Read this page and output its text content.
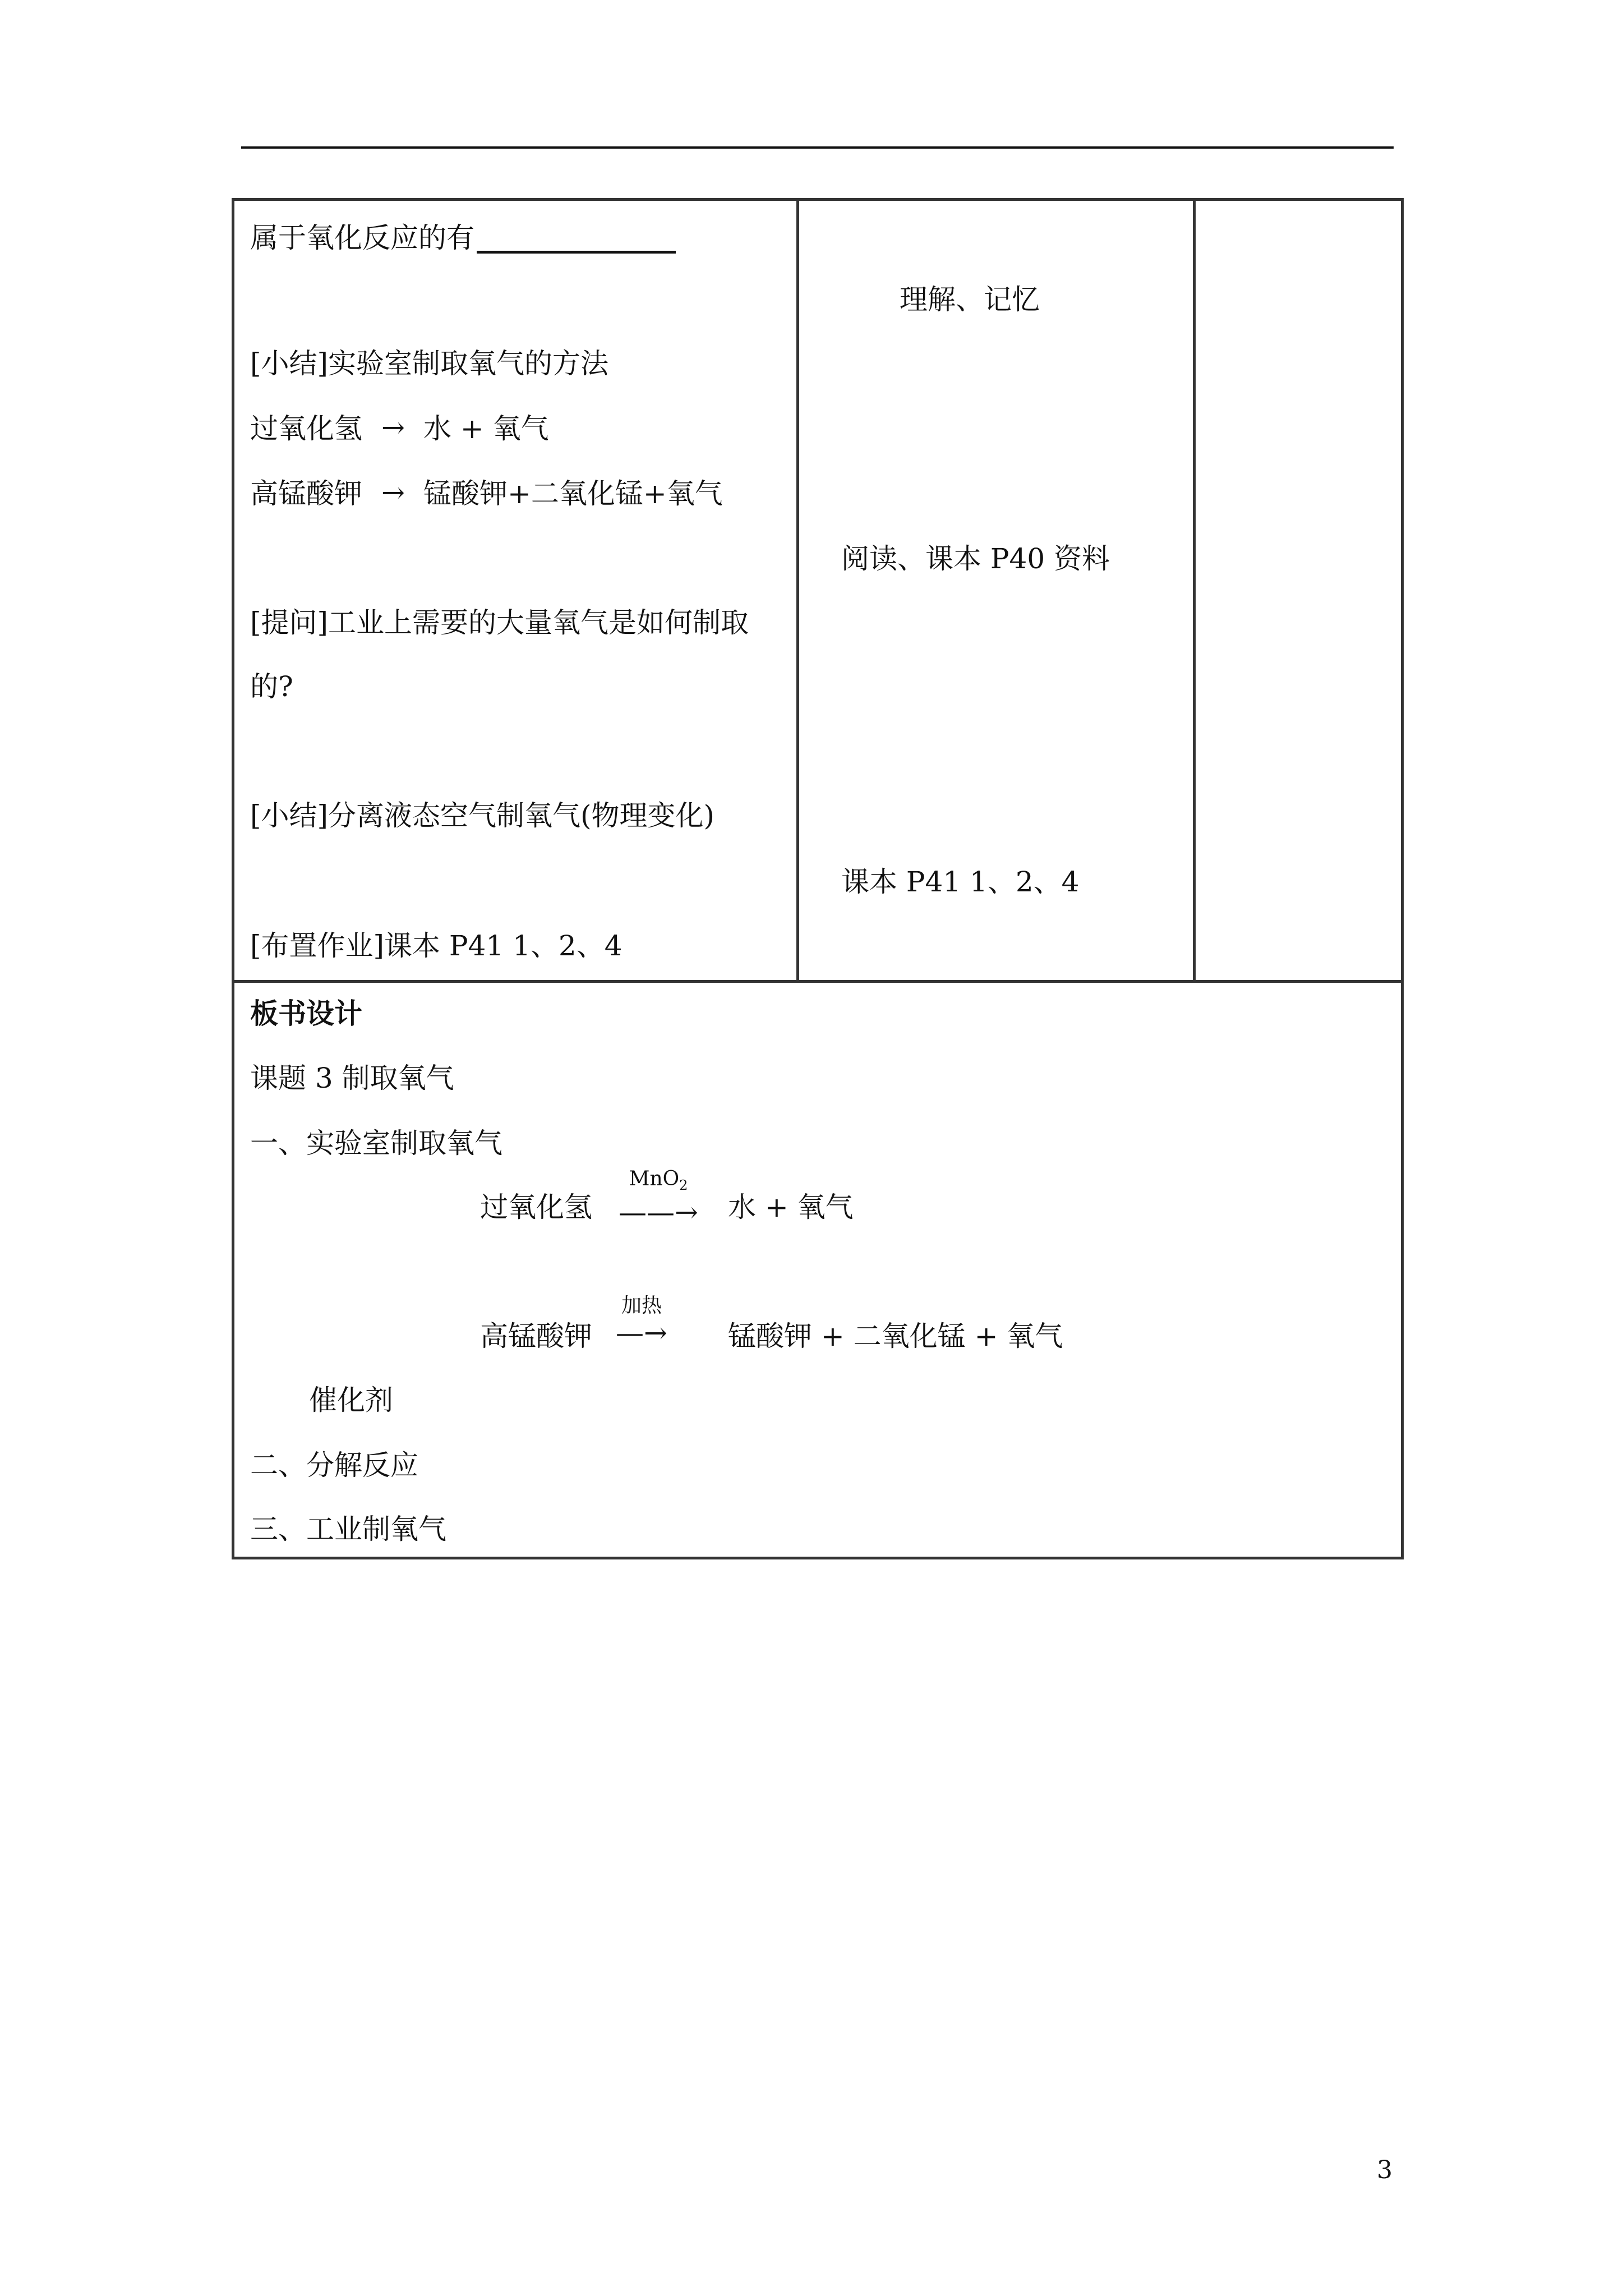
属于氧化反应的有
[小结]实验室制取氧气的方法
过氧化氢 → 水 + 氧气
高锰酸钾 → 锰酸钾+二氧化锰+氧气
[提问]工业上需要的大量氧气是如何制取
的?
[小结]分离液态空气制氧气(物理变化)
[布置作业]课本 P41 1、2、4
理解、记忆
阅读、课本 P40 资料
课本 P41 1、2、4
板书设计
课题 3 制取氧气
一、实验室制取氧气
过氧化氢
MnO$_2$
——→ 水 + 氧气
高锰酸钾
加热
—→ 锰酸钾 + 二氧化锰 + 氧气
催化剂
二、分解反应
三、工业制氧气
3
